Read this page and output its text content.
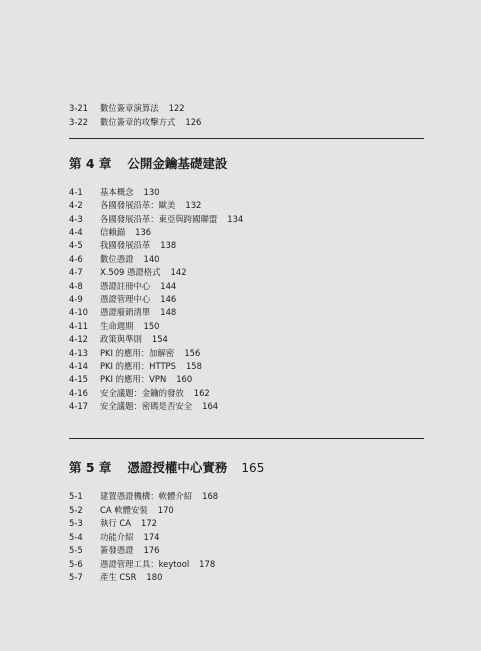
3-21 數位簽章演算法 122
3-22 數位簽章的攻擊方式 126
第 4 章 公開金鑰基礎建設
4-1 基本概念 130
4-2 各國發展沿革：歐美 132
4-3 各國發展沿革：東亞與跨國聯盟 134
4-4 信賴錨 136
4-5 我國發展沿革 138
4-6 數位憑證 140
4-7 X.509 憑證格式 142
4-8 憑證註冊中心 144
4-9 憑證管理中心 146
4-10 憑證廢銷清單 148
4-11 生命週期 150
4-12 政策與準則 154
4-13 PKI 的應用：加解密 156
4-14 PKI 的應用：HTTPS 158
4-15 PKI 的應用：VPN 160
4-16 安全議題：金鑰的發放 162
4-17 安全議題：密碼是否安全 164
第 5 章 憑證授權中心實務 165
5-1 建置憑證機構：軟體介紹 168
5-2 CA 軟體安裝 170
5-3 執行 CA 172
5-4 功能介紹 174
5-5 簽發憑證 176
5-6 憑證管理工具：keytool 178
5-7 產生 CSR 180
